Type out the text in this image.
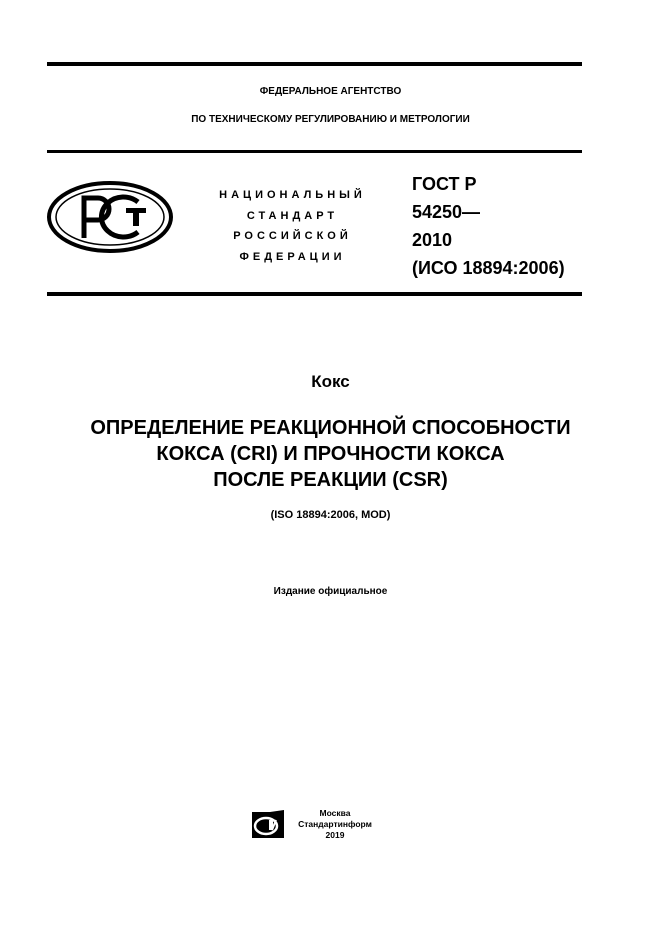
ФЕДЕРАЛЬНОЕ АГЕНТСТВО
ПО ТЕХНИЧЕСКОМУ РЕГУЛИРОВАНИЮ И МЕТРОЛОГИИ
НАЦИОНАЛЬНЫЙ
СТАНДАРТ
РОССИЙСКОЙ
ФЕДЕРАЦИИ
ГОСТ Р
54250—
2010
(ИСО 18894:2006)
Кокс
ОПРЕДЕЛЕНИЕ РЕАКЦИОННОЙ СПОСОБНОСТИ
КОКСА (CRI) И ПРОЧНОСТИ КОКСА
ПОСЛЕ РЕАКЦИИ (CSR)
(ISO 18894:2006, MOD)
Издание официальное
Москва
Стандартинформ
2019
